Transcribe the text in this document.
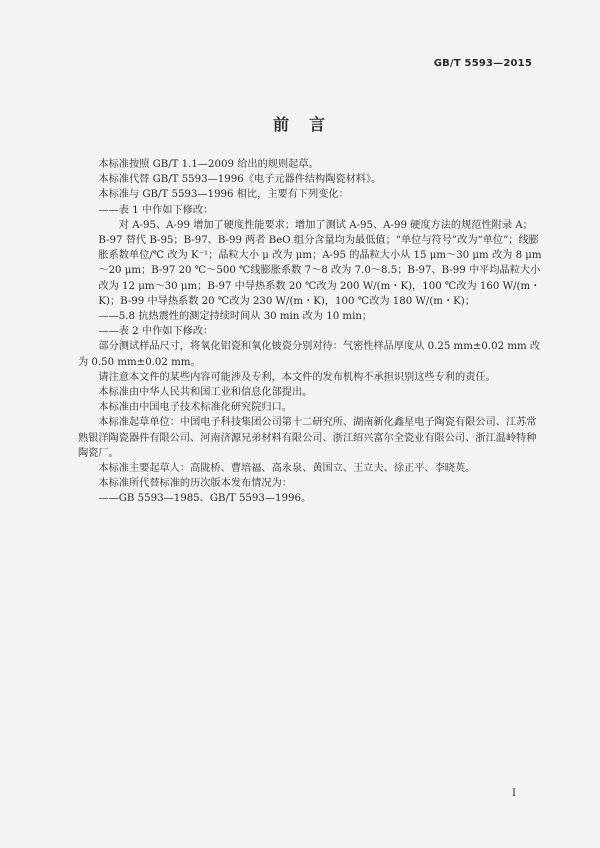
GB/T 5593—2015
前　言

本标准按照 GB/T 1.1—2009 给出的规则起草。

本标准代替 GB/T 5593—1996《电子元器件结构陶瓷材料》。

本标准与 GB/T 5593—1996 相比，主要有下列变化：

——表 1 中作如下修改：

对 A-95、A-99 增加了硬度性能要求；增加了测试 A-95、A-99 硬度方法的规范性附录 A；

B-97 替代 B-95；B-97、B-99 两者 BeO 组分含量均为最低值；“单位与符号”改为“单位”；线膨胀系数单位/℃ 改为 K⁻¹；晶粒大小 μ 改为 μm；A-95 的晶粒大小从 15 μm～30 μm 改为 8 μm～20 μm；B-97 20 ℃～500 ℃线膨胀系数 7～8 改为 7.0～8.5；B-97、B-99 中平均晶粒大小改为 12 μm～30 μm；B-97 中导热系数 20 ℃改为 200 W/(m・K)，100 ℃改为 160 W/(m・K)；B-99 中导热系数 20 ℃改为 230 W/(m・K)，100 ℃改为 180 W/(m・K)；

——5.8 抗热震性的测定持续时间从 30 min 改为 10 min；

——表 2 中作如下修改：

部分测试样品尺寸，将氧化铝瓷和氧化铍瓷分别对待：气密性样品厚度从 0.25 mm±0.02 mm 改为 0.50 mm±0.02 mm。

请注意本文件的某些内容可能涉及专利，本文件的发布机构不承担识别这些专利的责任。

本标准由中华人民共和国工业和信息化部提出。

本标准由中国电子技术标准化研究院归口。

本标准起草单位：中国电子科技集团公司第十二研究所、湖南新化鑫星电子陶瓷有限公司、江苏常熟银洋陶瓷器件有限公司、河南济源兄弟材料有限公司、浙江绍兴富尔全瓷业有限公司、浙江温岭特种陶瓷厂。

本标准主要起草人：高陇桥、曹培福、高永泉、黄国立、王立夫、徐正平、李晓英。

本标准所代替标准的历次版本发布情况为：

——GB 5593—1985、GB/T 5593—1996。

I
